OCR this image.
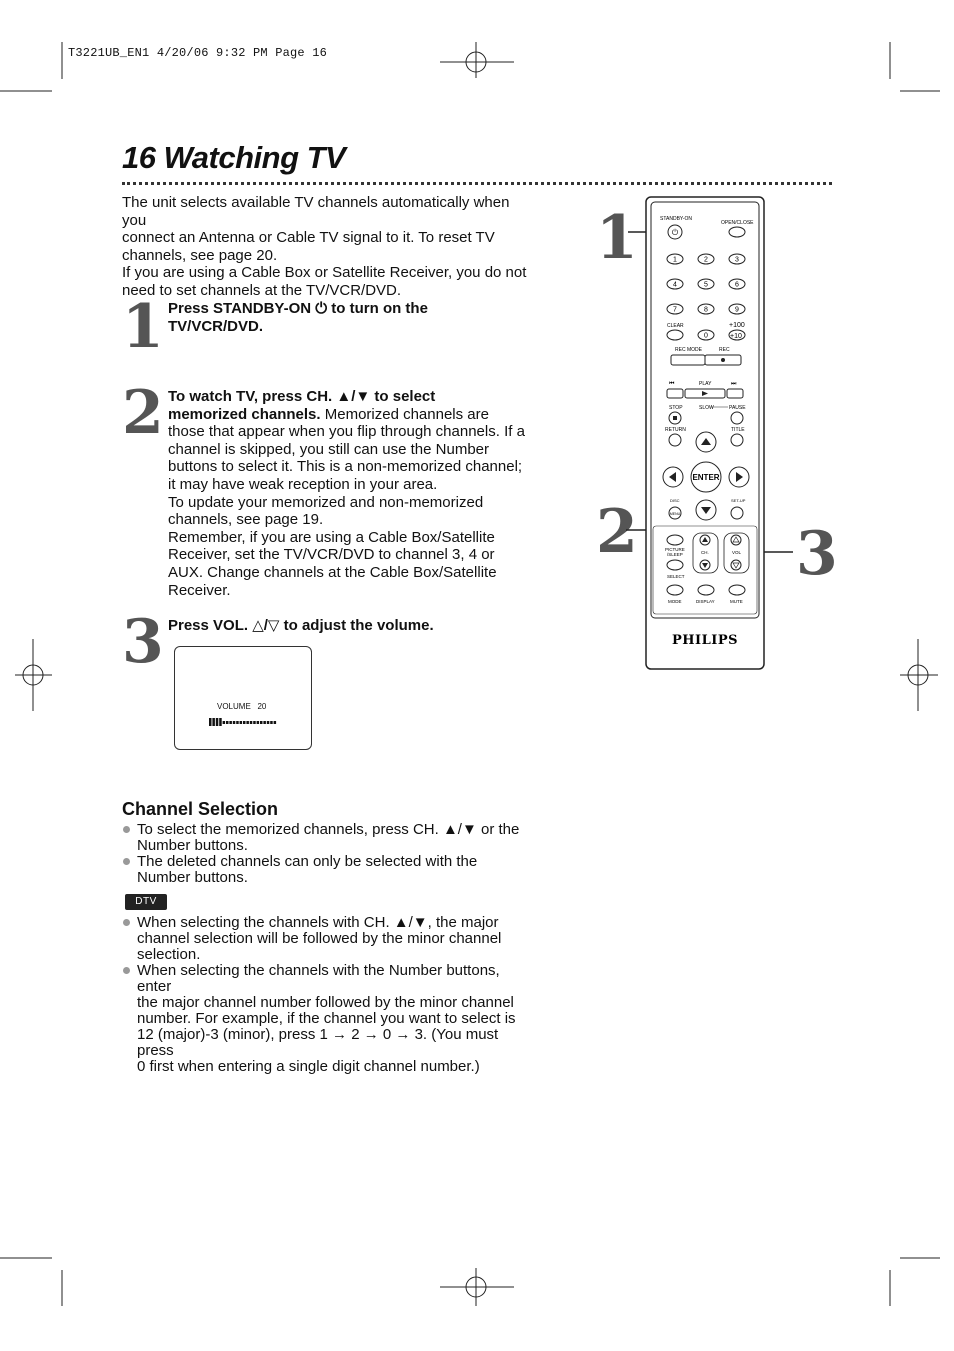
T3221UB_EN1 4/20/06 9:32 PM Page 16
16 Watching TV
The unit selects available TV channels automatically when you
connect an Antenna or Cable TV signal to it. To reset TV
channels, see page 20.
If you are using a Cable Box or Satellite Receiver, you do not
need to set channels at the TV/VCR/DVD.
1 Press STANDBY-ON ⏻ to turn on the
TV/VCR/DVD.
2 To watch TV, press CH. ▲/▼ to select
memorized channels. Memorized channels are
those that appear when you flip through channels. If a
channel is skipped, you still can use the Number
buttons to select it. This is a non-memorized channel;
it may have weak reception in your area.
To update your memorized and non-memorized
channels, see page 19.
Remember, if you are using a Cable Box/Satellite
Receiver, set the TV/VCR/DVD to channel 3, 4 or
AUX. Change channels at the Cable Box/Satellite
Receiver.
3 Press VOL. △/▽ to adjust the volume.
VOLUME 20
Channel Selection
To select the memorized channels, press CH. ▲/▼ or the
Number buttons.
The deleted channels can only be selected with the
Number buttons.
DTV
When selecting the channels with CH. ▲/▼, the major
channel selection will be followed by the minor channel
selection.
When selecting the channels with the Number buttons, enter
the major channel number followed by the minor channel
number. For example, if the channel you want to select is
12 (major)-3 (minor), press 1 → 2 → 0 → 3. (You must press
0 first when entering a single digit channel number.)
1
2	3
STANDBY-ON
OPEN/CLOSE
⏻
1	2	3
4	5	6
7	8	9
0
CLEAR	+100
+10
REC MODE	REC
PLAY
⏮	⏭
STOP	SLOW	PAUSE
RETURN	TITLE
ENTER
DISC	SET-UP
MENU
PICTURE
/SLEEP	CH.	VOL
SELECT
MODE	DISPLAY	MUTE
PHILIPS
